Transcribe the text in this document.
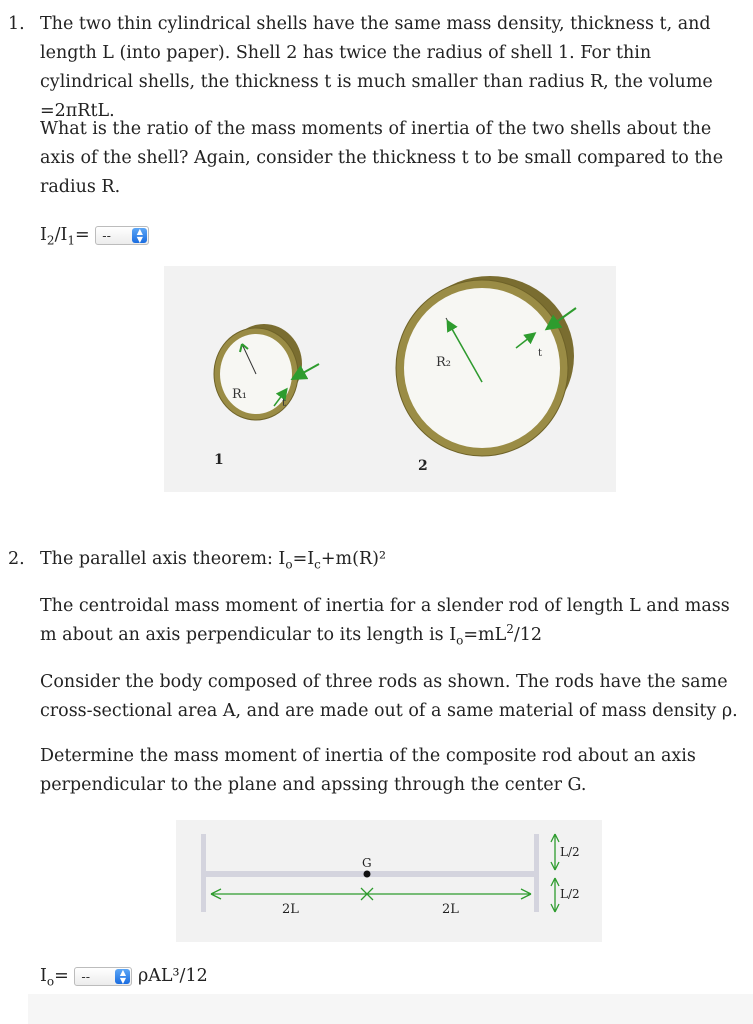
1. The two thin cylindrical shells have the same mass density, thickness t, and length L (into paper). Shell 2 has twice the radius of shell 1. For thin cylindrical shells, the thickness t is much smaller than radius R, the volume =2πRtL.
What is the ratio of the mass moments of inertia of the two shells about the axis of the shell? Again, consider the thickness t to be small compared to the radius R.
$I_2/I_1=$ --	▲
▼
R₁
t
1
R₂
t
2
2. The parallel axis theorem: $I_o=I_c+m(R)^2$
The centroidal mass moment of inertia for a slender rod of length L and mass m about an axis perpendicular to its length is $I_o=mL^2/12$
Consider the body composed of three rods as shown. The rods have the same cross-sectional area A, and are made out of a same material of mass density ρ.
Determine the mass moment of inertia of the composite rod about an axis perpendicular to the plane and apssing through the center G.
G
2L	2L
L/2
L/2
$I_o=$ --	▲
▼ ρAL³/12
